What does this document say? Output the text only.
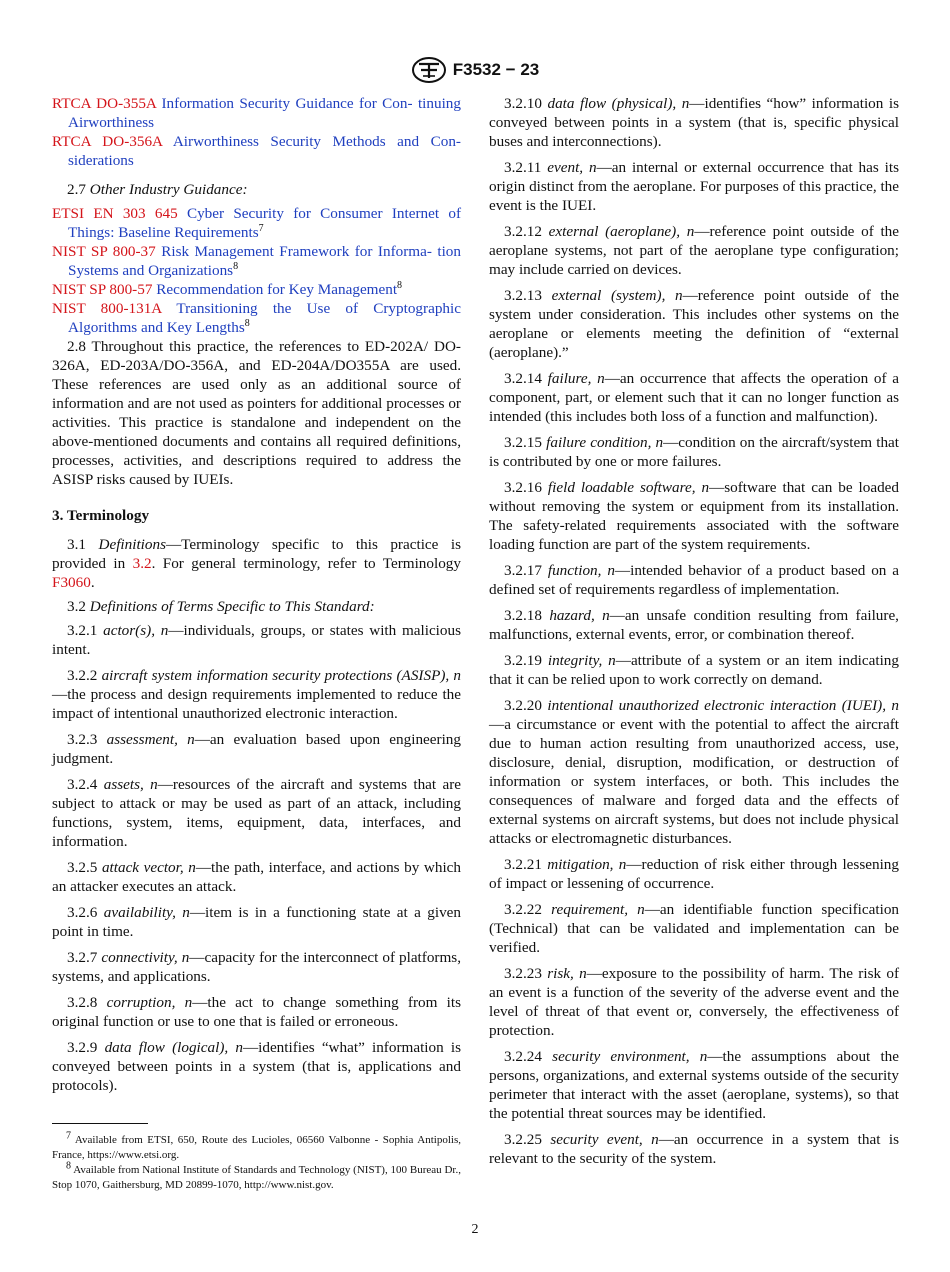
F3532 − 23

RTCA DO-355A Information Security Guidance for Con- tinuing Airworthiness

RTCA DO-356A Airworthiness Security Methods and Con- siderations

2.7 Other Industry Guidance:

ETSI EN 303 645 Cyber Security for Consumer Internet of Things: Baseline Requirements$^7$

NIST SP 800-37 Risk Management Framework for Informa- tion Systems and Organizations$^8$

NIST SP 800-57 Recommendation for Key Management$^8$

NIST 800-131A Transitioning the Use of Cryptographic Algorithms and Key Lengths$^8$

2.8 Throughout this practice, the references to ED-202A/ DO-326A, ED-203A/DO-356A, and ED-204A/DO355A are used. These references are used only as an additional source of information and are not used as pointers for additional processes or activities. This practice is standalone and independent on the above-mentioned documents and contains all required definitions, processes, activities, and descriptions required to address the ASISP risks caused by IUEIs.

3. Terminology

3.1 Definitions—Terminology specific to this practice is provided in 3.2. For general terminology, refer to Terminology F3060.

3.2 Definitions of Terms Specific to This Standard:

3.2.1 actor(s), n—individuals, groups, or states with malicious intent.

3.2.2 aircraft system information security protections (ASISP), n—the process and design requirements implemented to reduce the impact of intentional unauthorized electronic interaction.

3.2.3 assessment, n—an evaluation based upon engineering judgment.

3.2.4 assets, n—resources of the aircraft and systems that are subject to attack or may be used as part of an attack, including functions, system, items, equipment, data, interfaces, and information.

3.2.5 attack vector, n—the path, interface, and actions by which an attacker executes an attack.

3.2.6 availability, n—item is in a functioning state at a given point in time.

3.2.7 connectivity, n—capacity for the interconnect of platforms, systems, and applications.

3.2.8 corruption, n—the act to change something from its original function or use to one that is failed or erroneous.

3.2.9 data flow (logical), n—identifies “what” information is conveyed between points in a system (that is, applications and protocols).

3.2.10 data flow (physical), n—identifies “how” information is conveyed between points in a system (that is, specific physical buses and interconnections).

3.2.11 event, n—an internal or external occurrence that has its origin distinct from the aeroplane. For purposes of this practice, the event is the IUEI.

3.2.12 external (aeroplane), n—reference point outside of the aeroplane systems, not part of the aeroplane type configuration; may include carried on devices.

3.2.13 external (system), n—reference point outside of the system under consideration. This includes other systems on the aeroplane or elements meeting the definition of “external (aeroplane).”

3.2.14 failure, n—an occurrence that affects the operation of a component, part, or element such that it can no longer function as intended (this includes both loss of a function and malfunction).

3.2.15 failure condition, n—condition on the aircraft/system that is contributed by one or more failures.

3.2.16 field loadable software, n—software that can be loaded without removing the system or equipment from its installation. The safety-related requirements associated with the software loading function are part of the system requirements.

3.2.17 function, n—intended behavior of a product based on a defined set of requirements regardless of implementation.

3.2.18 hazard, n—an unsafe condition resulting from failure, malfunctions, external events, error, or combination thereof.

3.2.19 integrity, n—attribute of a system or an item indicating that it can be relied upon to work correctly on demand.

3.2.20 intentional unauthorized electronic interaction (IUEI), n—a circumstance or event with the potential to affect the aircraft due to human action resulting from unauthorized access, use, disclosure, denial, disruption, modification, or destruction of information or system interfaces, or both. This includes the consequences of malware and forged data and the effects of external systems on aircraft systems, but does not include physical attacks or electromagnetic disturbances.

3.2.21 mitigation, n—reduction of risk either through lessening of impact or lessening of occurrence.

3.2.22 requirement, n—an identifiable function specification (Technical) that can be validated and implementation can be verified.

3.2.23 risk, n—exposure to the possibility of harm. The risk of an event is a function of the severity of the adverse event and the level of threat of that event or, conversely, the effectiveness of protection.

3.2.24 security environment, n—the assumptions about the persons, organizations, and external systems outside of the security perimeter that interact with the asset (aeroplane, systems), so that the potential threat sources may be identified.

3.2.25 security event, n—an occurrence in a system that is relevant to the security of the system.

7 Available from ETSI, 650, Route des Lucioles, 06560 Valbonne - Sophia Antipolis, France, https://www.etsi.org.

8 Available from National Institute of Standards and Technology (NIST), 100 Bureau Dr., Stop 1070, Gaithersburg, MD 20899-1070, http://www.nist.gov.

2
